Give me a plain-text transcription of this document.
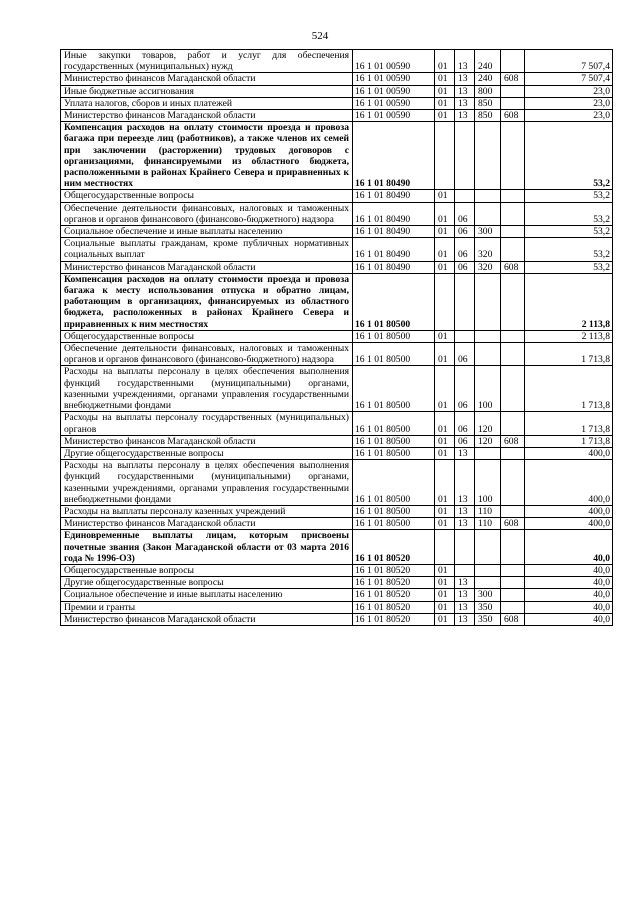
524
Иные закупки товаров, работ и услуг для обеспечения государственных (муниципальных) нужд	16 1 01 00590	01	13	240		7 507,4
Министерство финансов Магаданской области	16 1 01 00590	01	13	240	608	7 507,4
Иные бюджетные ассигнования	16 1 01 00590	01	13	800		23,0
Уплата налогов, сборов и иных платежей	16 1 01 00590	01	13	850		23,0
Министерство финансов Магаданской области	16 1 01 00590	01	13	850	608	23,0
Компенсация расходов на оплату стоимости проезда и провоза багажа при переезде лиц (работников), а также членов их семей при заключении (расторжении) трудовых договоров с организациями, финансируемыми из областного бюджета, расположенными в районах Крайнего Севера и приравненных к ним местностях	16 1 01 80490					53,2
Общегосударственные вопросы	16 1 01 80490	01				53,2
Обеспечение деятельности финансовых, налоговых и таможенных органов и органов финансового (финансово-бюджетного) надзора	16 1 01 80490	01	06			53,2
Социальное обеспечение и иные выплаты населению	16 1 01 80490	01	06	300		53,2
Социальные выплаты гражданам, кроме публичных нормативных социальных выплат	16 1 01 80490	01	06	320		53,2
Министерство финансов Магаданской области	16 1 01 80490	01	06	320	608	53,2
Компенсация расходов на оплату стоимости проезда и провоза багажа к месту использования отпуска и обратно лицам, работающим в организациях, финансируемых из областного бюджета, расположенных в районах Крайнего Севера и приравненных к ним местностях	16 1 01 80500					2 113,8
Общегосударственные вопросы	16 1 01 80500	01				2 113,8
Обеспечение деятельности финансовых, налоговых и таможенных органов и органов финансового (финансово-бюджетного) надзора	16 1 01 80500	01	06			1 713,8
Расходы на выплаты персоналу в целях обеспечения выполнения функций государственными (муниципальными) органами, казенными учреждениями, органами управления государственными внебюджетными фондами	16 1 01 80500	01	06	100		1 713,8
Расходы на выплаты персоналу государственных (муниципальных) органов	16 1 01 80500	01	06	120		1 713,8
Министерство финансов Магаданской области	16 1 01 80500	01	06	120	608	1 713,8
Другие общегосударственные вопросы	16 1 01 80500	01	13			400,0
Расходы на выплаты персоналу в целях обеспечения выполнения функций государственными (муниципальными) органами, казенными учреждениями, органами управления государственными внебюджетными фондами	16 1 01 80500	01	13	100		400,0
Расходы на выплаты персоналу казенных учреждений	16 1 01 80500	01	13	110		400,0
Министерство финансов Магаданской области	16 1 01 80500	01	13	110	608	400,0
Единовременные выплаты лицам, которым присвоены почетные звания (Закон Магаданской области от 03 марта 2016 года № 1996-ОЗ)	16 1 01 80520					40,0
Общегосударственные вопросы	16 1 01 80520	01				40,0
Другие общегосударственные вопросы	16 1 01 80520	01	13			40,0
Социальное обеспечение и иные выплаты населению	16 1 01 80520	01	13	300		40,0
Премии и гранты	16 1 01 80520	01	13	350		40,0
Министерство финансов Магаданской области	16 1 01 80520	01	13	350	608	40,0
